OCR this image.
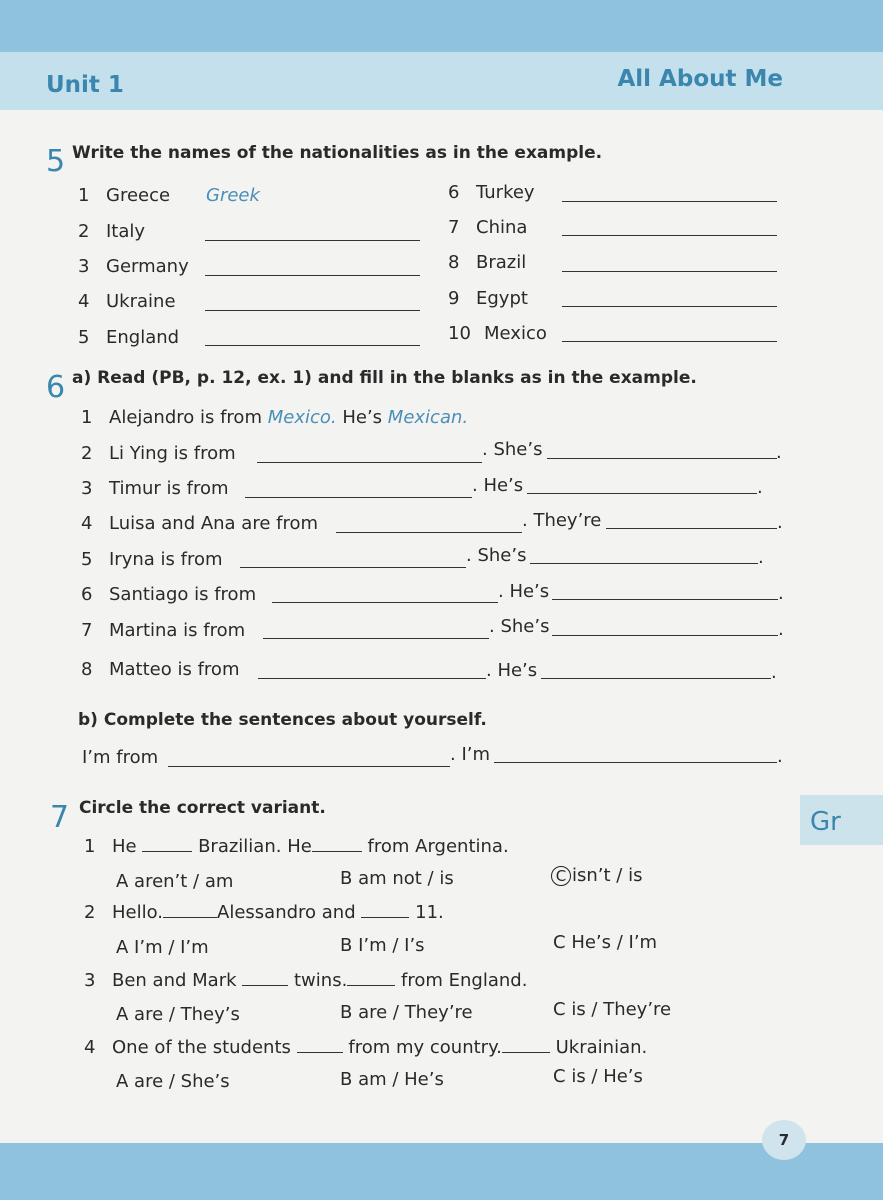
Unit 1	All About Me
5 Write the names of the nationalities as in the example.
1 Greece Greek
2 Italy
3 Germany
4 Ukraine
5 England
6 Turkey
7 China
8 Brazil
9 Egypt
10 Mexico
6 a) Read (PB, p. 12, ex. 1) and fill in the blanks as in the example.
1 Alejandro is from Mexico. He’s Mexican.
2 Li Ying is from	. She’s	.
3 Timur is from	. He’s	.
4 Luisa and Ana are from	. They’re	.
5 Iryna is from	. She’s	.
6 Santiago is from	. He’s	.
7 Martina is from	. She’s	.
8 Matteo is from	. He’s	.
b) Complete the sentences about yourself.
I’m from	. I’m	.
7 Circle the correct variant.	Gr
1 He	Brazilian. He	from Argentina.
A aren’t / am	B am not / is	C isn’t / is
2 Hello.	Alessandro and	11.
A I’m / I’m	B I’m / I’s	C He’s / I’m
3 Ben and Mark	twins.	from England.
A are / They’s	B are / They’re	C is / They’re
4 One of the students	from my country.	Ukrainian.
A are / She’s	B am / He’s	C is / He’s
7
